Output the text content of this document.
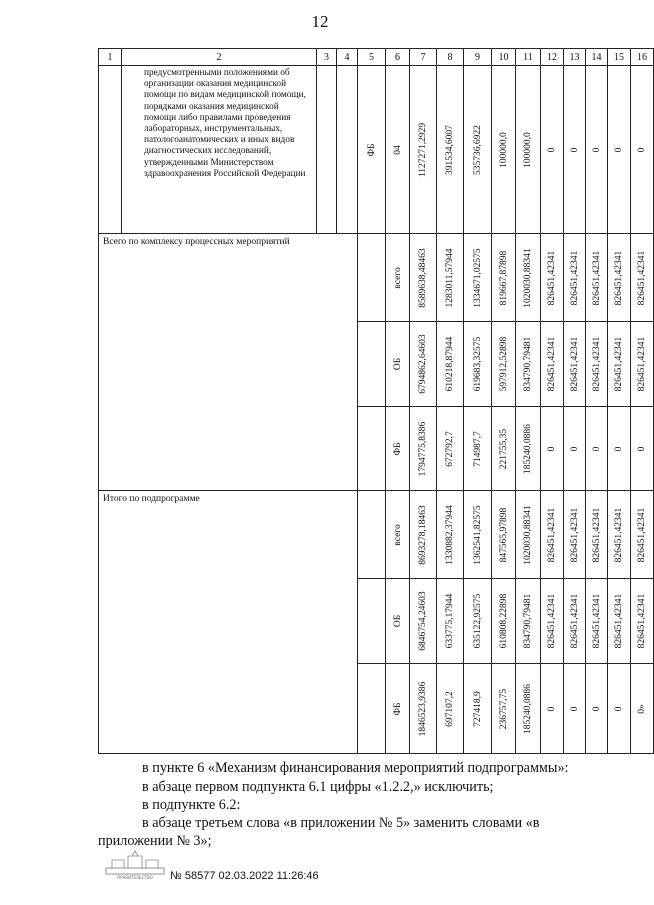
12
1	2	3	4	5	6	7	8	9	10	11	12	13	14	15	16

	предусмотренными положениями об организации оказания медицинской помощи по видам медицинской помощи, порядками оказания медицинской помощи либо правилами проведения лабораторных, инструментальных, патологоанатомических и иных видов диагностических исследований, утвержденными Министерством здравоохранения Российской Федерации			ФБ	04	1127271,2929	391534,6007	535736,6922	100000,0	100000,0	0	0	0	0	0

Всего по комплексу процессных мероприятий					всего	8589638,48463	1283011,57944	1334671,02575	819667,87898	1020030,88341	826451,42341	826451,42341	826451,42341	826451,42341	826451,42341

					ОБ	6794862,64603	610218,87944	619683,32575	597912,52898	834790,79481	826451,42341	826451,42341	826451,42341	826451,42341	826451,42341

					ФБ	1794775,8386	672792,7	714987,7	221755,35	185240,0886	0	0	0	0	0

Итого по подпрограмме					всего	8693278,18463	1330882,37944	1362541,82575	847565,97898	1020030,88341	826451,42341	826451,42341	826451,42341	826451,42341	826451,42341

					ОБ	6846754,24603	633775,17944	635122,92575	610808,22898	834790,79481	826451,42341	826451,42341	826451,42341	826451,42341	826451,42341

					ФБ	1846523,9386	697107,2	727418,9	236757,75	185240,0886	0	0	0	0	0»
в пункте 6 «Механизм финансирования мероприятий подпрограммы»:
в абзаце первом подпункта 6.1 цифры «1.2.2,» исключить;
в подпункте 6.2:
в абзаце третьем слова «в приложении № 5» заменить словами «в
приложении № 3»;
ПРАВИТЕЛЬСТВО № 58577 02.03.2022 11:26:46
